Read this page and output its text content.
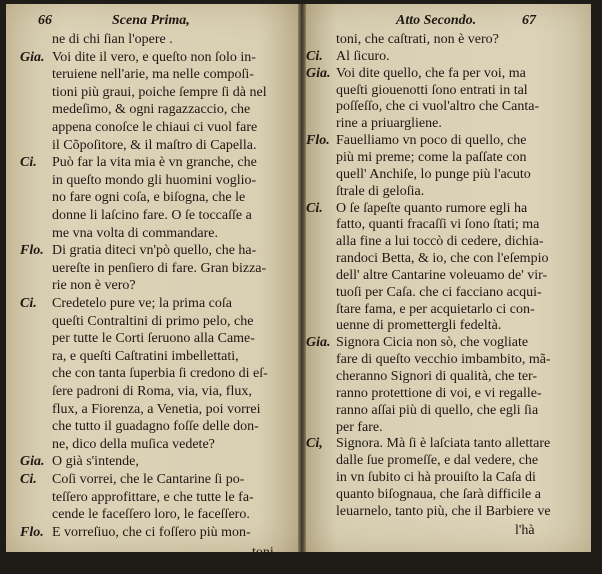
66	Scena Prima,	Atto Secondo.	67
ne di chi ſian l'opere .
Gia. Voi dite il vero, e queſto non ſolo in-
teruiene nell'arie, ma nelle compoſi-
tioni più graui, poiche ſempre ſi dà nel
medeſimo, & ogni ragazzaccio, che
appena conoſce le chiaui ci vuol fare
il Cõpoſitore, & il maſtro di Capella.
Ci. Può far la vita mia è vn granche, che
in queſto mondo gli huomini voglio-
no fare ogni coſa, e biſogna, che le
donne li laſcino fare. O ſe toccaſſe a
me vna volta di commandare.
Flo. Di gratia diteci vn'pò quello, che ha-
uereſte in penſiero di fare. Gran bizza-
rie non è vero?
Ci. Credetelo pure ve; la prima coſa
queſti Contraltini di primo pelo, che
per tutte le Corti ſeruono alla Came-
ra, e queſti Caſtratini imbellettati,
che con tanta ſuperbia ſi credono di eſ-
ſere padroni di Roma, via, via, flux,
flux, a Fiorenza, a Venetia, poi vorrei
che tutto il guadagno foſſe delle don-
ne, dico della muſica vedete?
Gia. O già s'intende,
Ci. Coſi vorrei, che le Cantarine ſi po-
teſſero approfittare, e che tutte le fa-
cende le faceſſero loro, le faceſſero.
Flo. E vorreſiuo, che ci foſſero più mon-
toni, che caſtrati, non è vero?
Ci. Al ſicuro.
Gia. Voi dite quello, che fa per voi, ma
queſti giouenotti ſono entrati in tal
poſſeſſo, che ci vuol'altro che Canta-
rine a priuargliene.
Flo. Fauelliamo vn poco di quello, che
più mi preme; come la paſſate con
quell' Anchiſe, lo punge più l'acuto
ſtrale di geloſia.
Ci. O ſe ſapeſte quanto rumore egli ha
fatto, quanti fracaſſi vi ſono ſtati; ma
alla fine a lui toccò di cedere, dichia-
randoci Betta, & io, che con l'eſempio
dell' altre Cantarine voleuamo de' vir-
tuoſi per Caſa. che ci facciano acqui-
ſtare fama, e per acquietarlo ci con-
uenne di promettergli fedeltà.
Gia. Signora Cicia non sò, che vogliate
fare di queſto vecchio imbambito, mã-
cheranno Signori di qualità, che ter-
ranno protettione di voi, e vi regalle-
ranno aſſai più di quello, che egli ſia
per fare.
Ci, Signora. Mà ſi è laſciata tanto allettare
dalle ſue promeſſe, e dal vedere, che
in vn ſubito ci hà prouiſto la Caſa di
quanto biſognaua, che ſarà difficile a
leuarnelo, tanto più, che il Barbiere ve
toni,
l'hà
